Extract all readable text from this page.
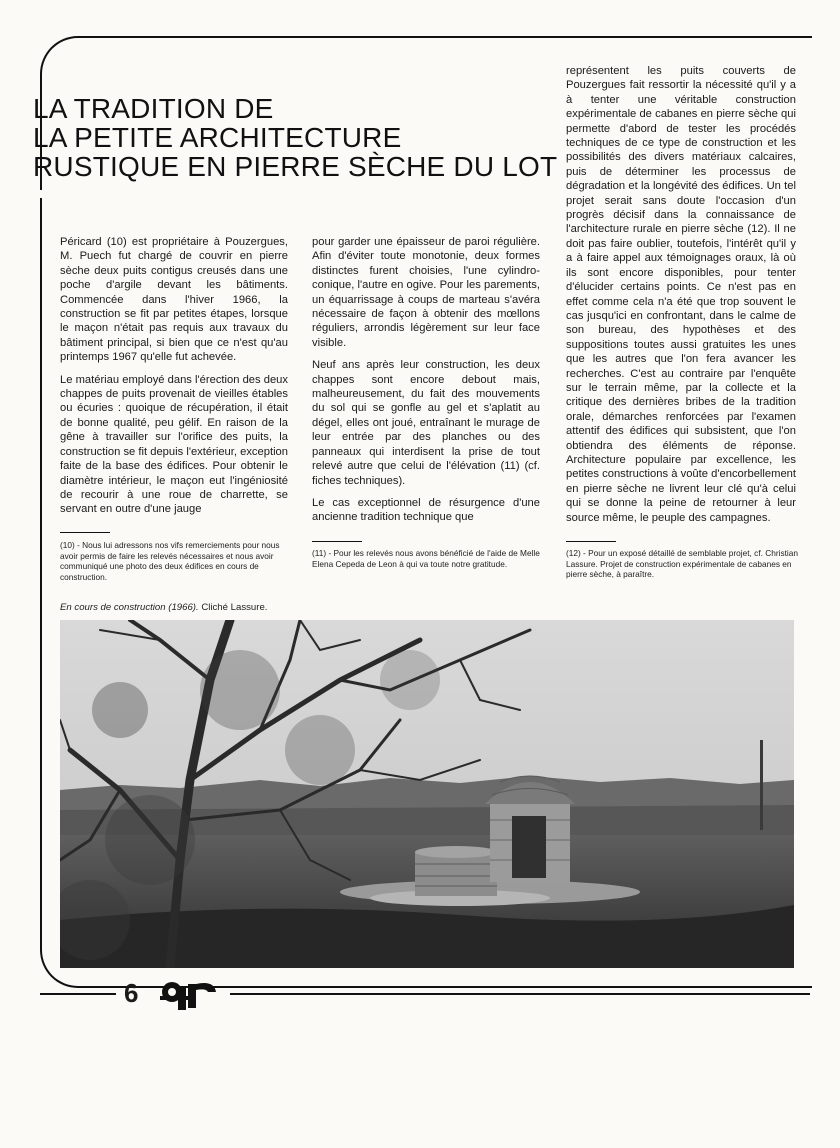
LA TRADITION DE
LA PETITE ARCHITECTURE
RUSTIQUE EN PIERRE SÈCHE DU LOT

Péricard (10) est propriétaire à Pouzergues, M. Puech fut chargé de couvrir en pierre sèche deux puits contigus creusés dans une poche d'argile devant les bâtiments. Commencée dans l'hiver 1966, la construction se fit par petites étapes, lorsque le maçon n'était pas requis aux travaux du bâtiment principal, si bien que ce n'est qu'au printemps 1967 qu'elle fut achevée.

Le matériau employé dans l'érection des deux chappes de puits provenait de vieilles étables ou écuries : quoique de récupération, il était de bonne qualité, peu gélif. En raison de la gêne à travailler sur l'orifice des puits, la construction se fit depuis l'extérieur, exception faite de la base des édifices. Pour obtenir le diamètre intérieur, le maçon eut l'ingéniosité de recourir à une roue de charrette, se servant en outre d'une jauge

pour garder une épaisseur de paroi régulière. Afin d'éviter toute monotonie, deux formes distinctes furent choisies, l'une cylindro-conique, l'autre en ogive. Pour les parements, un équarrissage à coups de marteau s'avéra nécessaire de façon à obtenir des mœllons réguliers, arrondis légèrement sur leur face visible.

Neuf ans après leur construction, les deux chappes sont encore debout mais, malheureusement, du fait des mouvements du sol qui se gonfle au gel et s'aplatit au dégel, elles ont joué, entraînant le murage de leur entrée par des planches ou des panneaux qui interdisent la prise de tout relevé autre que celui de l'élévation (11) (cf. fiches techniques).

Le cas exceptionnel de résurgence d'une ancienne tradition technique que

représentent les puits couverts de Pouzergues fait ressortir la nécessité qu'il y a à tenter une véritable construction expérimentale de cabanes en pierre sèche qui permette d'abord de tester les procédés techniques de ce type de construction et les possibilités des divers matériaux calcaires, puis de déterminer les processus de dégradation et la longévité des édifices. Un tel projet serait sans doute l'occasion d'un progrès décisif dans la connaissance de l'architecture rurale en pierre sèche (12). Il ne doit pas faire oublier, toutefois, l'intérêt qu'il y a à faire appel aux témoignages oraux, là où ils sont encore disponibles, pour tenter d'élucider certains points. Ce n'est pas en effet comme cela n'a été que trop souvent le cas jusqu'ici en confrontant, dans le calme de son bureau, des hypothèses et des suppositions toutes aussi gratuites les unes que les autres que l'on fera avancer les recherches. C'est au contraire par l'enquête sur le terrain même, par la collecte et la critique des dernières bribes de la tradition orale, démarches renforcées par l'examen attentif des édifices qui subsistent, que l'on obtiendra des éléments de réponse. Architecture populaire par excellence, les petites constructions à voûte d'encorbellement en pierre sèche ne livrent leur clé qu'à celui qui se donne la peine de retourner à leur source même, le peuple des campagnes.

(10) - Nous lui adressons nos vifs remerciements pour nous avoir permis de faire les relevés nécessaires et nous avoir communiqué une photo des deux édifices en cours de construction.
(11) - Pour les relevés nous avons bénéficié de l'aide de Melle Elena Cepeda de Leon à qui va toute notre gratitude.
(12) - Pour un exposé détaillé de semblable projet, cf. Christian Lassure. Projet de construction expérimentale de cabanes en pierre sèche, à paraître.
En cours de construction (1966). Cliché Lassure.
6
